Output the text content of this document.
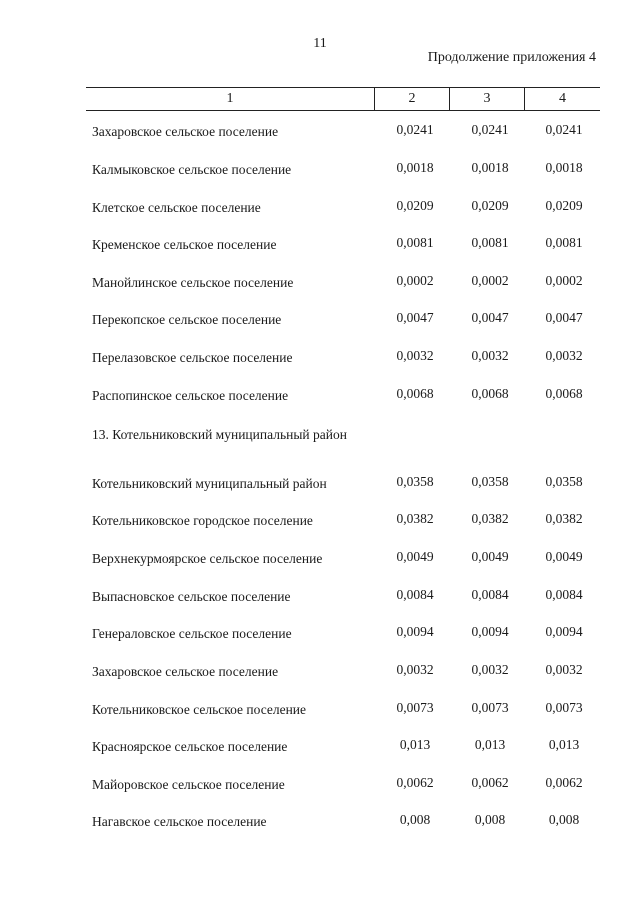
11
Продолжение приложения 4
1	2	3	4
Захаровское сельское поселение	0,0241	0,0241	0,0241
Калмыковское сельское поселение	0,0018	0,0018	0,0018
Клетское сельское поселение	0,0209	0,0209	0,0209
Кременское сельское поселение	0,0081	0,0081	0,0081
Манойлинское сельское поселение	0,0002	0,0002	0,0002
Перекопское сельское поселение	0,0047	0,0047	0,0047
Перелазовское сельское поселение	0,0032	0,0032	0,0032
Распопинское сельское поселение	0,0068	0,0068	0,0068
13. Котельниковский муниципальный район
Котельниковский муниципальный район	0,0358	0,0358	0,0358
Котельниковское городское поселение	0,0382	0,0382	0,0382
Верхнекурмоярское сельское поселение	0,0049	0,0049	0,0049
Выпасновское сельское поселение	0,0084	0,0084	0,0084
Генераловское сельское поселение	0,0094	0,0094	0,0094
Захаровское сельское поселение	0,0032	0,0032	0,0032
Котельниковское сельское поселение	0,0073	0,0073	0,0073
Красноярское сельское поселение	0,013	0,013	0,013
Майоровское сельское поселение	0,0062	0,0062	0,0062
Нагавское сельское поселение	0,008	0,008	0,008
